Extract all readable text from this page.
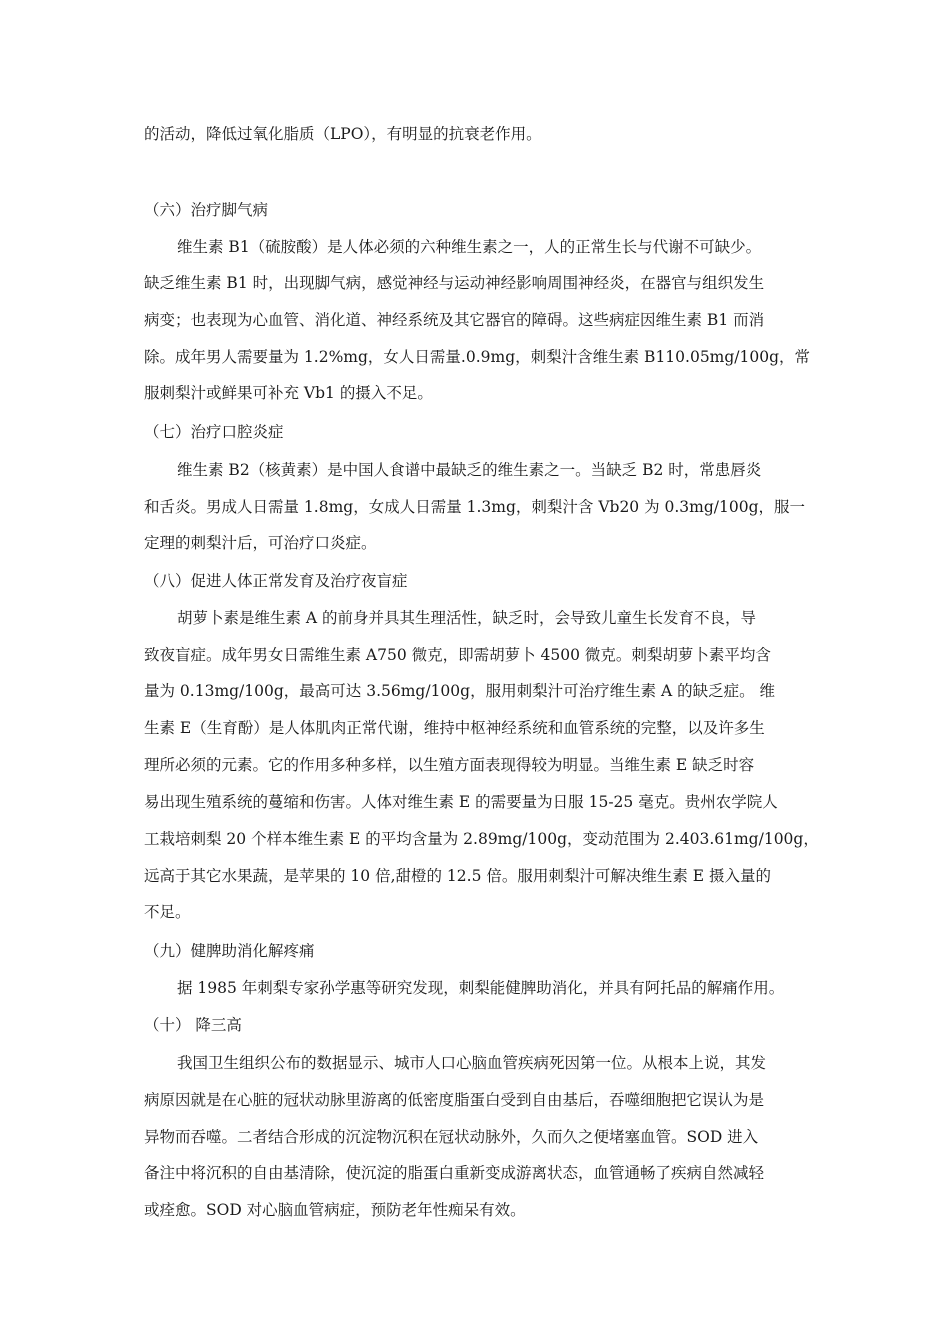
的活动，降低过氧化脂质（LPO），有明显的抗衰老作用。

（六）治疗脚气病

维生素 B1（硫胺酸）是人体必须的六种维生素之一，人的正常生长与代谢不可缺少。

缺乏维生素 B1 时，出现脚气病，感觉神经与运动神经影响周围神经炎，在器官与组织发生

病变；也表现为心血管、消化道、神经系统及其它器官的障碍。这些病症因维生素 B1 而消

除。成年男人需要量为 1.2%mg，女人日需量.0.9mg，刺梨汁含维生素 B110.05mg/100g，常

服刺梨汁或鲜果可补充 Vb1 的摄入不足。

（七）治疗口腔炎症

维生素 B2（核黄素）是中国人食谱中最缺乏的维生素之一。当缺乏 B2 时，常患唇炎

和舌炎。男成人日需量 1.8mg，女成人日需量 1.3mg，刺梨汁含 Vb20 为 0.3mg/100g，服一

定理的刺梨汁后，可治疗口炎症。

（八）促进人体正常发育及治疗夜盲症

胡萝卜素是维生素 A 的前身并具其生理活性，缺乏时，会导致儿童生长发育不良，导

致夜盲症。成年男女日需维生素 A750 微克，即需胡萝卜 4500 微克。刺梨胡萝卜素平均含

量为 0.13mg/100g，最高可达 3.56mg/100g，服用刺梨汁可治疗维生素 A 的缺乏症。 维

生素 E（生育酚）是人体肌肉正常代谢，维持中枢神经系统和血管系统的完整，以及许多生

理所必须的元素。它的作用多种多样，以生殖方面表现得较为明显。当维生素 E 缺乏时容

易出现生殖系统的蔓缩和伤害。人体对维生素 E 的需要量为日服 15-25 毫克。贵州农学院人

工栽培刺梨 20 个样本维生素 E 的平均含量为 2.89mg/100g，变动范围为 2.403.61mg/100g，

远高于其它水果蔬，是苹果的 10 倍,甜橙的 12.5 倍。服用刺梨汁可解决维生素 E 摄入量的

不足。

（九）健脾助消化解疼痛

据 1985 年刺梨专家孙学惠等研究发现，刺梨能健脾助消化，并具有阿托品的解痛作用。

（十） 降三高

我国卫生组织公布的数据显示、城市人口心脑血管疾病死因第一位。从根本上说，其发

病原因就是在心脏的冠状动脉里游离的低密度脂蛋白受到自由基后，吞噬细胞把它误认为是

异物而吞噬。二者结合形成的沉淀物沉积在冠状动脉外，久而久之便堵塞血管。SOD 进入

备注中将沉积的自由基清除，使沉淀的脂蛋白重新变成游离状态，血管通畅了疾病自然减轻

或痊愈。SOD 对心脑血管病症，预防老年性痴呆有效。
